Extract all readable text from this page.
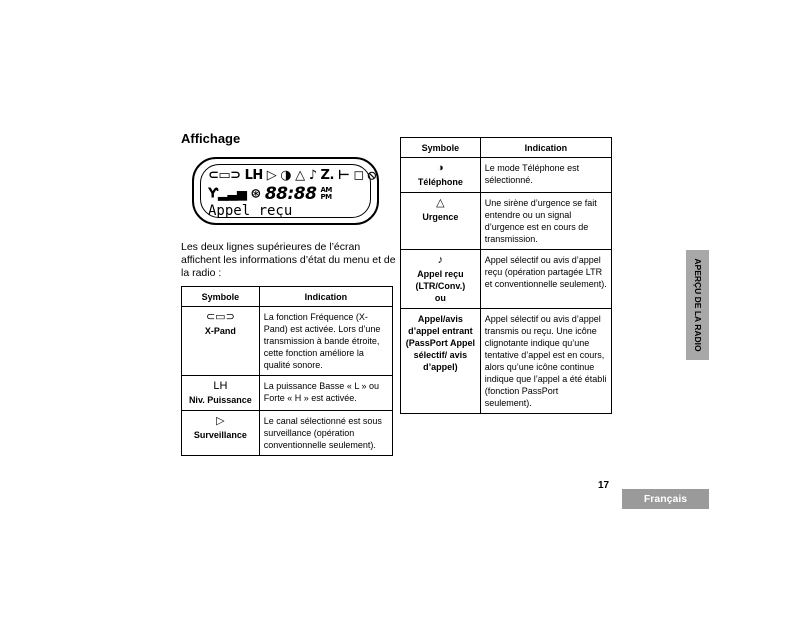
Affichage
⊂▭⊃ LH ▷ ◑ △ ♪ Z. ⊢ ◻ ⦸
Ƴ▂▃▅ ⊛ 88:88 AM
PM
Appel reçu
Les deux lignes supérieures de l’écran affichent les informations d’état du menu et de la radio :
Symbole	Indication

⊂▭⊃
X-Pand	La fonction Fréquence (X-Pand) est activée. Lors d’une transmission à bande étroite, cette fonction améliore la qualité sonore.

LH
Niv. Puissance	La puissance Basse « L » ou Forte « H » est activée.

▷
Surveillance	Le canal sélectionné est sous surveillance (opération conventionnelle seulement).
Symbole	Indication

◑
Téléphone	Le mode Téléphone est sélectionné.

△
Urgence	Une sirène d’urgence se fait entendre ou un signal d’urgence est en cours de transmission.

♪
Appel reçu (LTR/Conv.)
ou	Appel sélectif ou avis d’appel reçu (opération partagée LTR et conventionnelle seulement).
Appel/avis d’appel entrant (PassPort Appel sélectif/ avis d’appel)	Appel sélectif ou avis d’appel transmis ou reçu. Une icône clignotante indique qu’une tentative d’appel est en cours, alors qu’une icône continue indique que l’appel a été établi (fonction PassPort seulement).
APERÇU DE LA RADIO
17
Français
